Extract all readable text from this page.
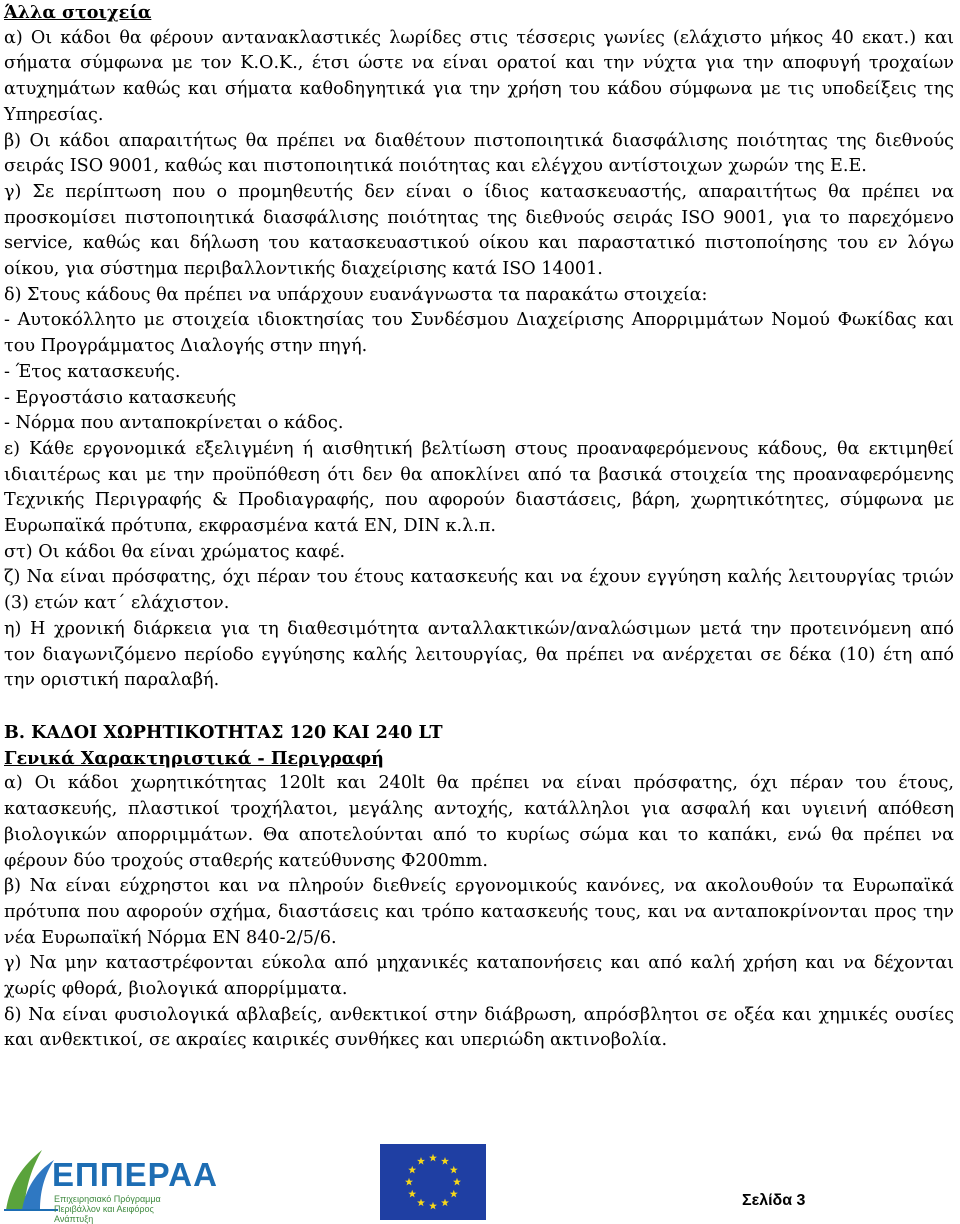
Άλλα στοιχεία

α) Οι κάδοι θα φέρουν αντανακλαστικές λωρίδες στις τέσσερις γωνίες (ελάχιστο μήκος 40 εκατ.) και σήματα σύμφωνα με τον Κ.Ο.Κ., έτσι ώστε να είναι ορατοί και την νύχτα για την αποφυγή τροχαίων ατυχημάτων καθώς και σήματα καθοδηγητικά για την χρήση του κάδου σύμφωνα με τις υποδείξεις της Υπηρεσίας.

β) Οι κάδοι απαραιτήτως θα πρέπει να διαθέτουν πιστοποιητικά διασφάλισης ποιότητας της διεθνούς σειράς ISO 9001, καθώς και πιστοποιητικά ποιότητας και ελέγχου αντίστοιχων χωρών της Ε.Ε.

γ) Σε περίπτωση που ο προμηθευτής δεν είναι ο ίδιος κατασκευαστής, απαραιτήτως θα πρέπει να προσκομίσει πιστοποιητικά διασφάλισης ποιότητας της διεθνούς σειράς ISO 9001, για το παρεχόμενο service, καθώς και δήλωση του κατασκευαστικού οίκου και παραστατικό πιστοποίησης του εν λόγω οίκου, για σύστημα περιβαλλοντικής διαχείρισης κατά ISO 14001.

δ) Στους κάδους θα πρέπει να υπάρχουν ευανάγνωστα τα παρακάτω στοιχεία:

- Αυτοκόλλητο με στοιχεία ιδιοκτησίας του Συνδέσμου Διαχείρισης Απορριμμάτων Νομού Φωκίδας και του Προγράμματος Διαλογής στην πηγή.

- Έτος κατασκευής.

- Εργοστάσιο κατασκευής

- Νόρμα που ανταποκρίνεται ο κάδος.

ε) Κάθε εργονομικά εξελιγμένη ή αισθητική βελτίωση στους προαναφερόμενους κάδους, θα εκτιμηθεί ιδιαιτέρως και με την προϋπόθεση ότι δεν θα αποκλίνει από τα βασικά στοιχεία της προαναφερόμενης Τεχνικής Περιγραφής & Προδιαγραφής, που αφορούν διαστάσεις, βάρη, χωρητικότητες, σύμφωνα με Ευρωπαϊκά πρότυπα, εκφρασμένα κατά ΕΝ, DIN κ.λ.π.

στ) Οι κάδοι θα είναι χρώματος καφέ.

ζ) Να είναι πρόσφατης, όχι πέραν του έτους κατασκευής και να έχουν εγγύηση καλής λειτουργίας τριών (3) ετών κατ΄ ελάχιστον.

η) Η χρονική διάρκεια για τη διαθεσιμότητα ανταλλακτικών/αναλώσιμων μετά την προτεινόμενη από τον διαγωνιζόμενο περίοδο εγγύησης καλής λειτουργίας, θα πρέπει να ανέρχεται σε δέκα (10) έτη από την οριστική παραλαβή.

Β. ΚΑΔΟΙ ΧΩΡΗΤΙΚΟΤΗΤΑΣ 120 ΚΑΙ 240 LT

Γενικά Χαρακτηριστικά - Περιγραφή

α) Οι κάδοι χωρητικότητας 120lt και 240lt θα πρέπει να είναι πρόσφατης, όχι πέραν του έτους, κατασκευής, πλαστικοί τροχήλατοι, μεγάλης αντοχής, κατάλληλοι για ασφαλή και υγιεινή απόθεση βιολογικών απορριμμάτων. Θα αποτελούνται από το κυρίως σώμα και το καπάκι, ενώ θα πρέπει να φέρουν δύο τροχούς σταθερής κατεύθυνσης Φ200mm.

β) Να είναι εύχρηστοι και να πληρούν διεθνείς εργονομικούς κανόνες, να ακολουθούν τα Ευρωπαϊκά πρότυπα που αφορούν σχήμα, διαστάσεις και τρόπο κατασκευής τους, και να ανταποκρίνονται προς την νέα Ευρωπαϊκή Νόρμα ΕΝ 840-2/5/6.

γ) Να μην καταστρέφονται εύκολα από μηχανικές καταπονήσεις και από καλή χρήση και να δέχονται χωρίς φθορά, βιολογικά απορρίμματα.

δ) Να είναι φυσιολογικά αβλαβείς, ανθεκτικοί στην διάβρωση, απρόσβλητοι σε οξέα και χημικές ουσίες και ανθεκτικοί, σε ακραίες καιρικές συνθήκες και υπεριώδη ακτινοβολία.

ΕΠΠΕΡΑΑ
Επιχειρησιακό Πρόγραμμα Περιβάλλον και Αειφόρος Ανάπτυξη
Σελίδα 3
